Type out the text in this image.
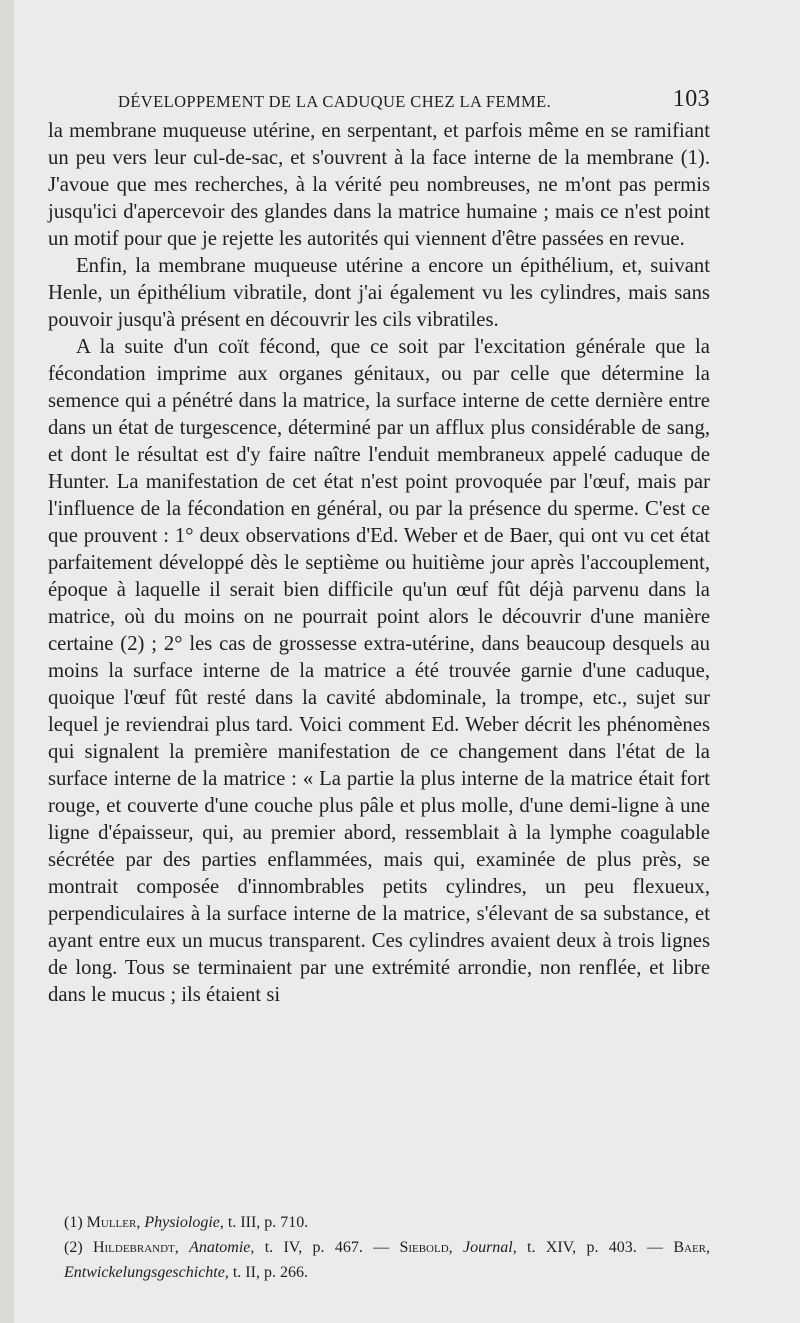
DÉVELOPPEMENT DE LA CADUQUE CHEZ LA FEMME.	103

la membrane muqueuse utérine, en serpentant, et parfois même en se ramifiant un peu vers leur cul-de-sac, et s'ouvrent à la face interne de la membrane (1). J'avoue que mes recherches, à la vérité peu nombreuses, ne m'ont pas permis jusqu'ici d'apercevoir des glandes dans la matrice humaine ; mais ce n'est point un motif pour que je rejette les autorités qui viennent d'être passées en revue.

Enfin, la membrane muqueuse utérine a encore un épithélium, et, suivant Henle, un épithélium vibratile, dont j'ai également vu les cylindres, mais sans pouvoir jusqu'à présent en découvrir les cils vibratiles.

A la suite d'un coït fécond, que ce soit par l'excitation générale que la fécondation imprime aux organes génitaux, ou par celle que détermine la semence qui a pénétré dans la matrice, la surface interne de cette dernière entre dans un état de turgescence, déterminé par un afflux plus considérable de sang, et dont le résultat est d'y faire naître l'enduit membraneux appelé caduque de Hunter. La manifestation de cet état n'est point provoquée par l'œuf, mais par l'influence de la fécondation en général, ou par la présence du sperme. C'est ce que prouvent : 1° deux observations d'Ed. Weber et de Baer, qui ont vu cet état parfaitement développé dès le septième ou huitième jour après l'accouplement, époque à laquelle il serait bien difficile qu'un œuf fût déjà parvenu dans la matrice, où du moins on ne pourrait point alors le découvrir d'une manière certaine (2) ; 2° les cas de grossesse extra-utérine, dans beaucoup desquels au moins la surface interne de la matrice a été trouvée garnie d'une caduque, quoique l'œuf fût resté dans la cavité abdominale, la trompe, etc., sujet sur lequel je reviendrai plus tard. Voici comment Ed. Weber décrit les phénomènes qui signalent la première manifestation de ce changement dans l'état de la surface interne de la matrice : « La partie la plus interne de la matrice était fort rouge, et couverte d'une couche plus pâle et plus molle, d'une demi-ligne à une ligne d'épaisseur, qui, au premier abord, ressemblait à la lymphe coagulable sécrétée par des parties enflammées, mais qui, examinée de plus près, se montrait composée d'innombrables petits cylindres, un peu flexueux, perpendiculaires à la surface interne de la matrice, s'élevant de sa substance, et ayant entre eux un mucus transparent. Ces cylindres avaient deux à trois lignes de long. Tous se terminaient par une extrémité arrondie, non renflée, et libre dans le mucus ; ils étaient si

(1) Muller, Physiologie, t. III, p. 710.

(2) Hildebrandt, Anatomie, t. IV, p. 467. — Siebold, Journal, t. XIV, p. 403. — Baer, Entwickelungsgeschichte, t. II, p. 266.
